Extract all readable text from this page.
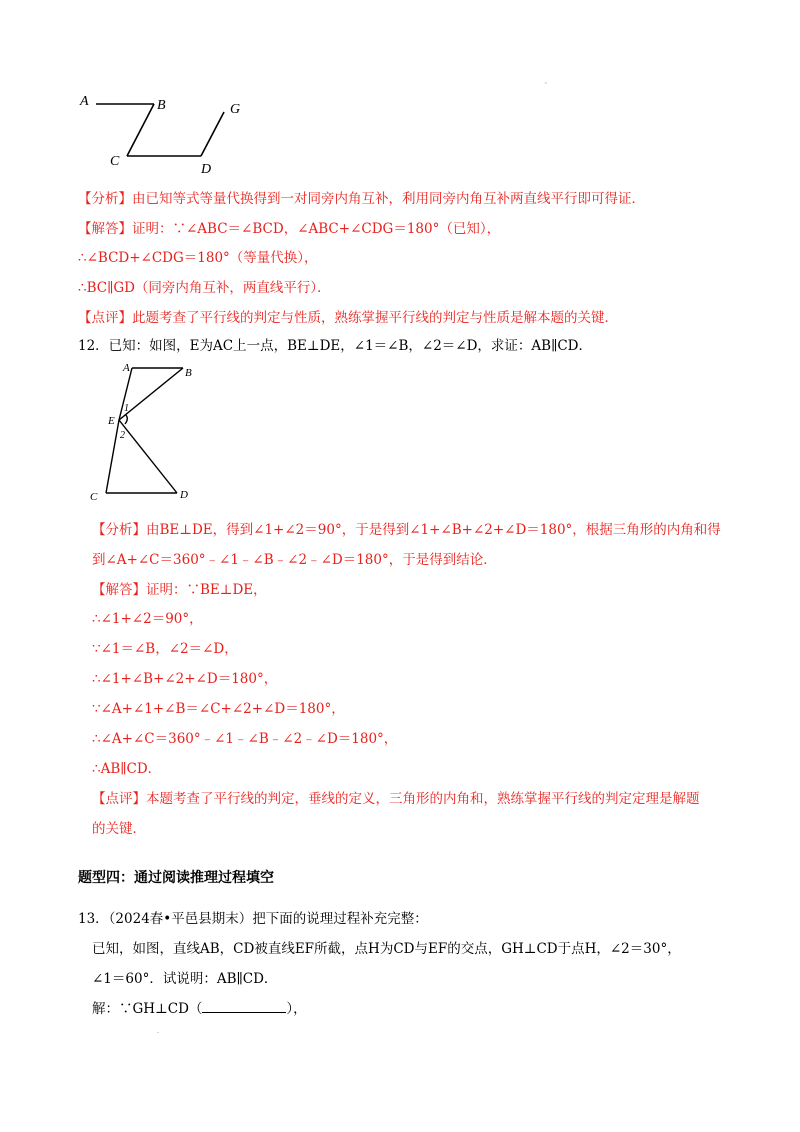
◦
.
A	B
C
D
G
【分析】由已知等式等量代换得到一对同旁内角互补，利用同旁内角互补两直线平行即可得证．
【解答】证明：∵∠ABC＝∠BCD，∠ABC+∠CDG＝180°（已知），
∴∠BCD+∠CDG＝180°（等量代换），
∴BC∥GD（同旁内角互补，两直线平行）．
【点评】此题考查了平行线的判定与性质，熟练掌握平行线的判定与性质是解本题的关键．
12．已知：如图，E为AC上一点，BE⊥DE，∠1＝∠B，∠2＝∠D，求证：AB∥CD．
A	B
E
1
2
C	D
【分析】由BE⊥DE，得到∠1+∠2＝90°，于是得到∠1+∠B+∠2+∠D＝180°，根据三角形的内角和得
到∠A+∠C＝360°﹣∠1﹣∠B﹣∠2﹣∠D＝180°，于是得到结论．
【解答】证明：∵BE⊥DE，
∴∠1+∠2＝90°，
∵∠1＝∠B，∠2＝∠D，
∴∠1+∠B+∠2+∠D＝180°，
∵∠A+∠1+∠B＝∠C+∠2+∠D＝180°，
∴∠A+∠C＝360°﹣∠1﹣∠B﹣∠2﹣∠D＝180°，
∴AB∥CD．
【点评】本题考查了平行线的判定，垂线的定义，三角形的内角和，熟练掌握平行线的判定定理是解题
的关键．
题型四：通过阅读推理过程填空
13．（2024春•平邑县期末）把下面的说理过程补充完整：
已知，如图，直线AB，CD被直线EF所截，点H为CD与EF的交点，GH⊥CD于点H，∠2＝30°，
∠1＝60°．试说明：AB∥CD．
解：∵GH⊥CD（	），
